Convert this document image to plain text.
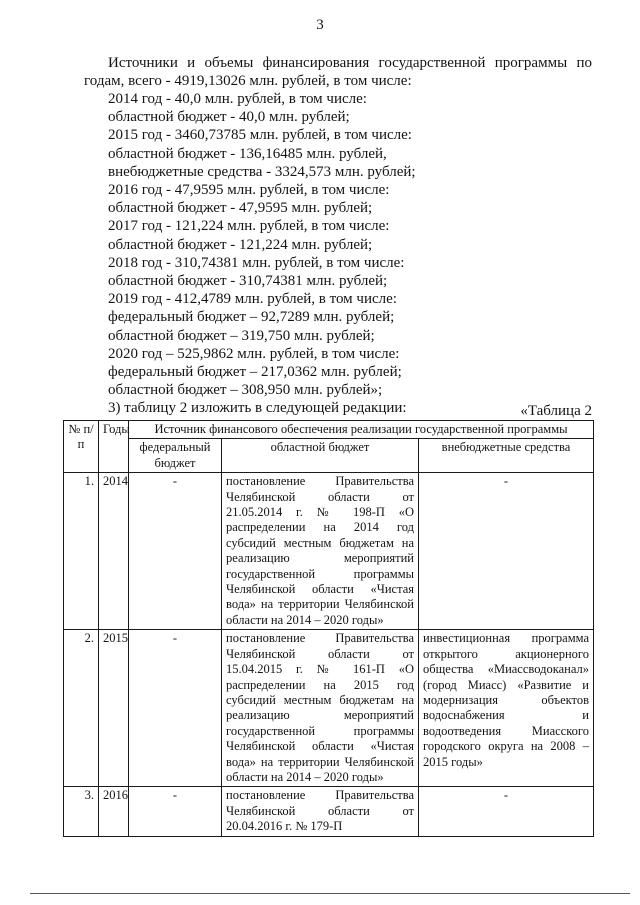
3
Источники и объемы финансирования государственной программы по годам, всего - 4919,13026 млн. рублей, в том числе:
2014 год - 40,0 млн. рублей, в том числе:
областной бюджет - 40,0 млн. рублей;
2015 год - 3460,73785 млн. рублей, в том числе:
областной бюджет - 136,16485 млн. рублей,
внебюджетные средства - 3324,573 млн. рублей;
2016 год - 47,9595 млн. рублей, в том числе:
областной бюджет - 47,9595 млн. рублей;
2017 год - 121,224 млн. рублей, в том числе:
областной бюджет - 121,224 млн. рублей;
2018 год - 310,74381 млн. рублей, в том числе:
областной бюджет - 310,74381 млн. рублей;
2019 год - 412,4789 млн. рублей, в том числе:
федеральный бюджет – 92,7289 млн. рублей;
областной бюджет – 319,750 млн. рублей;
2020 год – 525,9862 млн. рублей, в том числе:
федеральный бюджет – 217,0362 млн. рублей;
областной бюджет – 308,950 млн. рублей»;
3) таблицу 2 изложить в следующей редакции:	«Таблица 2
№ п/п	Годы	Источник финансового обеспечения реализации государственной программы		
		федеральный бюджет	областной бюджет	внебюджетные средства
1.	2014	-	постановление Правительства Челябинской области от 21.05.2014 г. № 198-П «О распределении на 2014 год субсидий местным бюджетам на реализацию мероприятий государственной программы Челябинской области «Чистая вода» на территории Челябинской области на 2014 – 2020 годы»	-
2.	2015	-	постановление Правительства Челябинской области от 15.04.2015 г. № 161-П «О распределении на 2015 год субсидий местным бюджетам на реализацию мероприятий государственной программы Челябинской области «Чистая вода» на территории Челябинской области на 2014 – 2020 годы»	инвестиционная программа открытого акционерного общества «Миассводоканал» (город Миасс) «Развитие и модернизация объектов водоснабжения и водоотведения Миасского городского округа на 2008 – 2015 годы»
3.	2016	-	постановление Правительства Челябинской области от 20.04.2016 г. № 179-П	-
